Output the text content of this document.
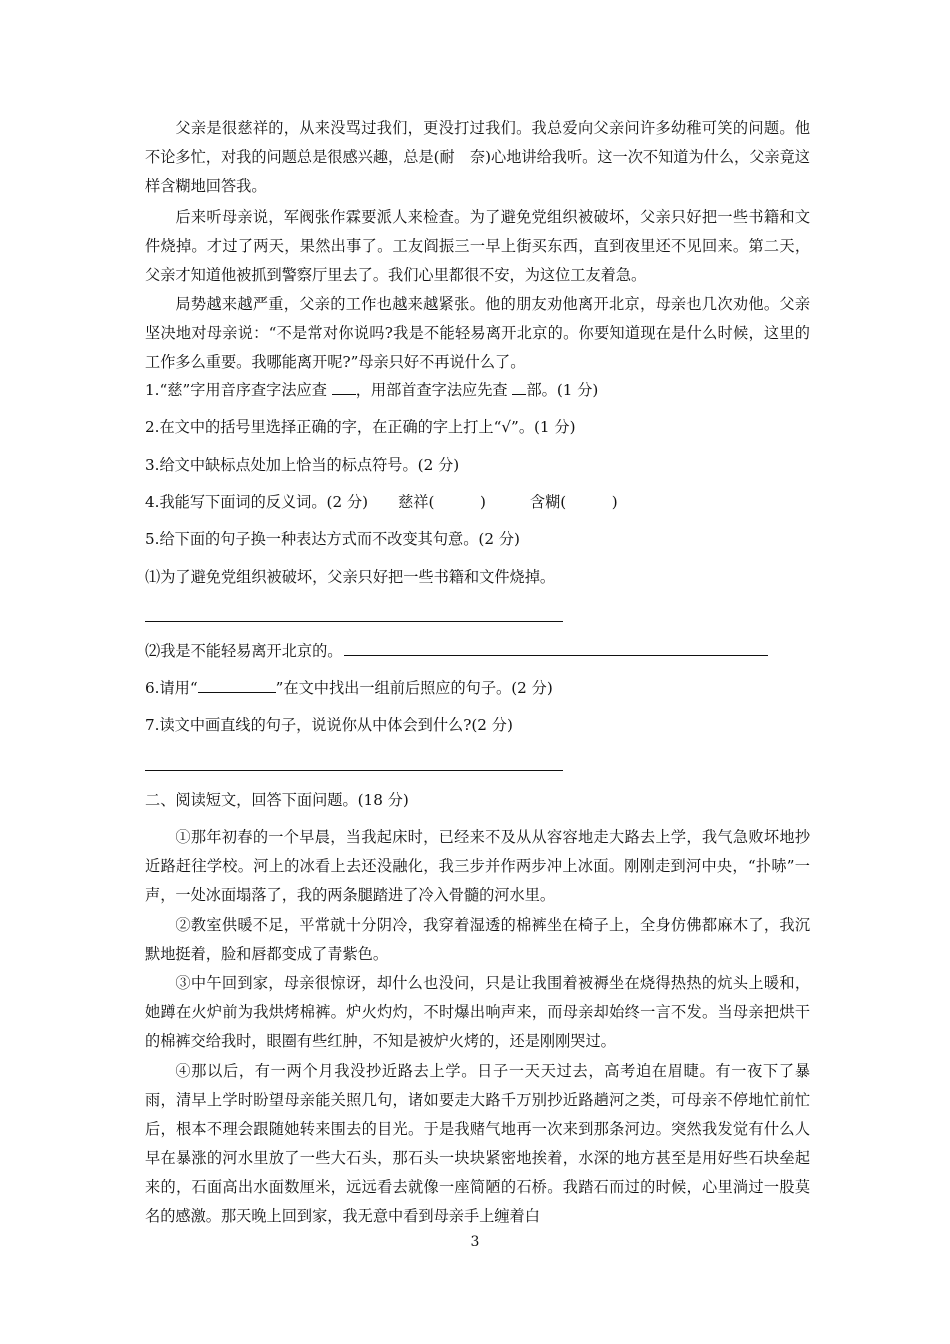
父亲是很慈祥的，从来没骂过我们，更没打过我们。我总爱向父亲问许多幼稚可笑的问题。他不论多忙，对我的问题总是很感兴趣，总是(耐　奈)心地讲给我听。这一次不知道为什么，父亲竟这样含糊地回答我。

后来听母亲说，军阀张作霖要派人来检查。为了避免党组织被破坏，父亲只好把一些书籍和文件烧掉。才过了两天，果然出事了。工友阎振三一早上街买东西，直到夜里还不见回来。第二天，父亲才知道他被抓到警察厅里去了。我们心里都很不安，为这位工友着急。

局势越来越严重，父亲的工作也越来越紧张。他的朋友劝他离开北京，母亲也几次劝他。父亲坚决地对母亲说：“不是常对你说吗?我是不能轻易离开北京的。你要知道现在是什么时候，这里的工作多么重要。我哪能离开呢?”母亲只好不再说什么了。

1.“慈”字用音序查字法应查 ，用部首查字法应先查 部。(1 分)
2.在文中的括号里选择正确的字，在正确的字上打上“√”。(1 分)
3.给文中缺标点处加上恰当的标点符号。(2 分)
4.我能写下面词的反义词。(2 分) 慈祥(　　　)	含糊(　　　)
5.给下面的句子换一种表达方式而不改变其句意。(2 分)
⑴为了避免党组织被破坏，父亲只好把一些书籍和文件烧掉。
⑵我是不能轻易离开北京的。
6.请用“	”在文中找出一组前后照应的句子。(2 分)
7.读文中画直线的句子，说说你从中体会到什么?(2 分)
二、阅读短文，回答下面问题。(18 分)

①那年初春的一个早晨，当我起床时，已经来不及从从容容地走大路去上学，我气急败坏地抄近路赶往学校。河上的冰看上去还没融化，我三步并作两步冲上冰面。刚刚走到河中央，“扑哧”一声，一处冰面塌落了，我的两条腿踏进了冷入骨髓的河水里。

②教室供暖不足，平常就十分阴冷，我穿着湿透的棉裤坐在椅子上，全身仿佛都麻木了，我沉默地挺着，脸和唇都变成了青紫色。

③中午回到家，母亲很惊讶，却什么也没问，只是让我围着被褥坐在烧得热热的炕头上暖和，她蹲在火炉前为我烘烤棉裤。炉火灼灼，不时爆出响声来，而母亲却始终一言不发。当母亲把烘干的棉裤交给我时，眼圈有些红肿，不知是被炉火烤的，还是刚刚哭过。

④那以后，有一两个月我没抄近路去上学。日子一天天过去，高考迫在眉睫。有一夜下了暴雨，清早上学时盼望母亲能关照几句，诸如要走大路千万别抄近路趟河之类，可母亲不停地忙前忙后，根本不理会跟随她转来围去的目光。于是我赌气地再一次来到那条河边。突然我发觉有什么人早在暴涨的河水里放了一些大石头，那石头一块块紧密地挨着，水深的地方甚至是用好些石块垒起来的，石面高出水面数厘米，远远看去就像一座简陋的石桥。我踏石而过的时候，心里淌过一股莫名的感激。那天晚上回到家，我无意中看到母亲手上缠着白

3
